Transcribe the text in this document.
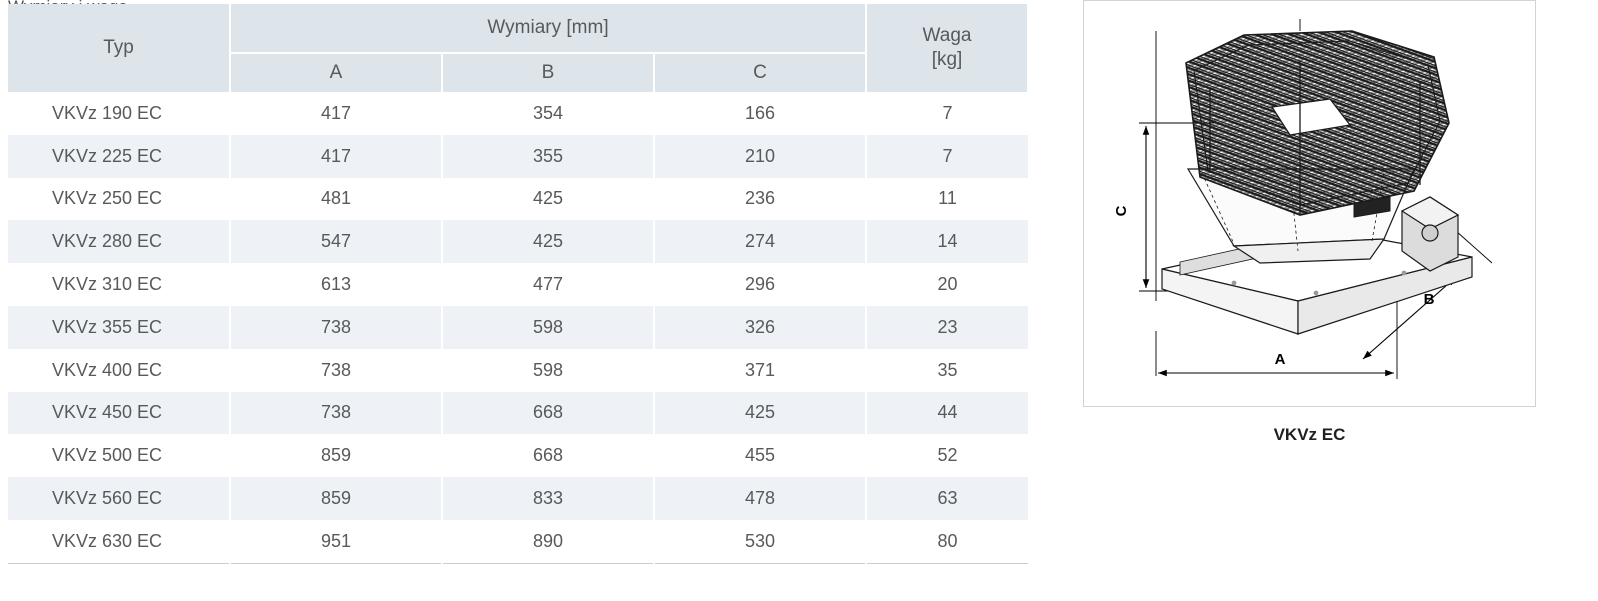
Typ	Wymiary [mm]			Waga
[kg]

	A	B	C	
VKVz 190 EC	417	354	166	7
VKVz 225 EC	417	355	210	7
VKVz 250 EC	481	425	236	11
VKVz 280 EC	547	425	274	14
VKVz 310 EC	613	477	296	20
VKVz 355 EC	738	598	326	23
VKVz 400 EC	738	598	371	35
VKVz 450 EC	738	668	425	44
VKVz 500 EC	859	668	455	52
VKVz 560 EC	859	833	478	63
VKVz 630 EC	951	890	530	80
C
A
B
VKVz EC
